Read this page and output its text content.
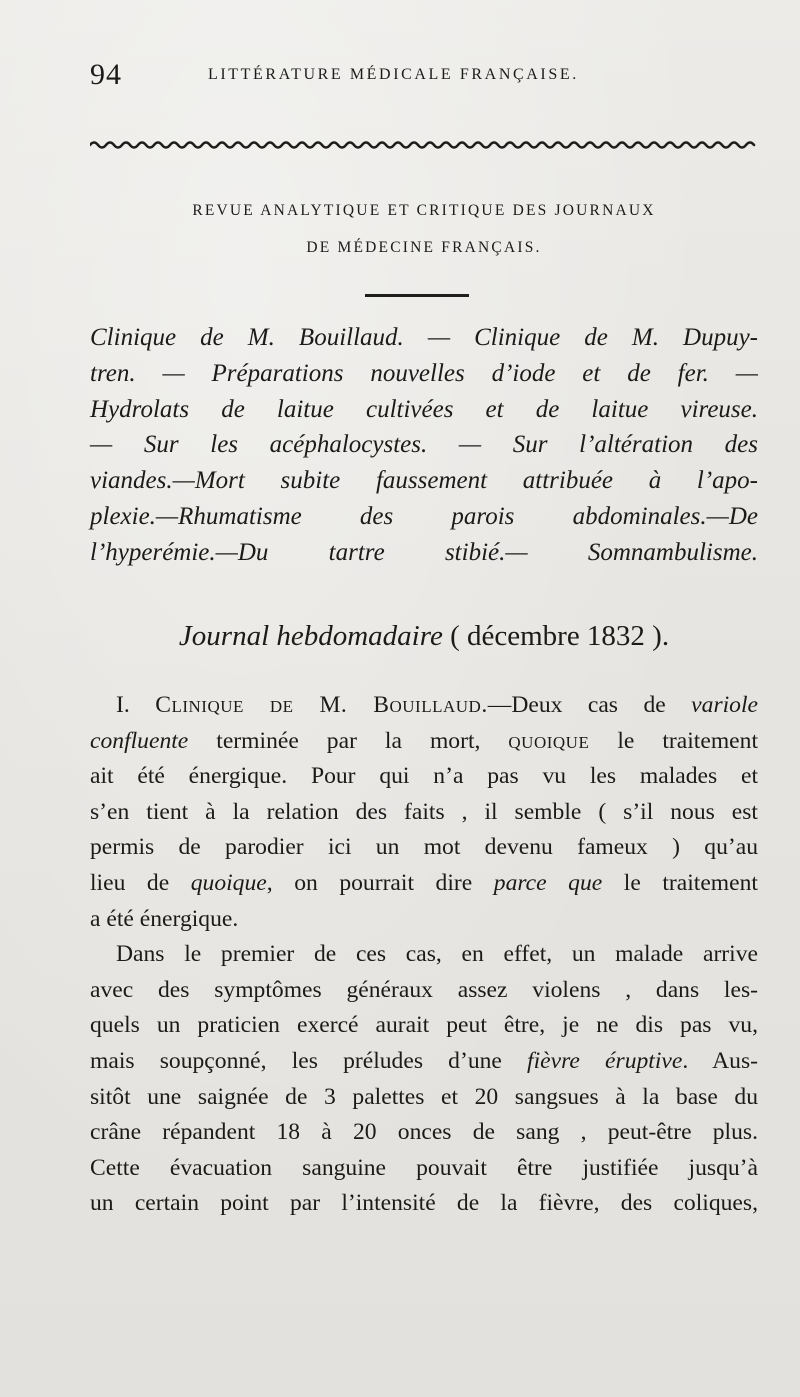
94	LITTÉRATURE MÉDICALE FRANÇAISE.
REVUE ANALYTIQUE ET CRITIQUE DES JOURNAUX
DE MÉDECINE FRANÇAIS.
Clinique de M. Bouillaud. — Clinique de M. Dupuy-
tren. — Préparations nouvelles d’iode et de fer. —
Hydrolats de laitue cultivées et de laitue vireuse.
— Sur les acéphalocystes. — Sur l’altération des
viandes.—Mort subite faussement attribuée à l’apo-
plexie.—Rhumatisme des parois abdominales.—De
l’hyperémie.—Du tartre stibié.— Somnambulisme.
Journal hebdomadaire ( décembre 1832 ).
I. Clinique de M. Bouillaud.—Deux cas de variole
confluente terminée par la mort, quoique le traitement
ait été énergique. Pour qui n’a pas vu les malades et
s’en tient à la relation des faits , il semble ( s’il nous est
permis de parodier ici un mot devenu fameux ) qu’au
lieu de quoique, on pourrait dire parce que le traitement
a été énergique.
Dans le premier de ces cas, en effet, un malade arrive
avec des symptômes généraux assez violens , dans les-
quels un praticien exercé aurait peut être, je ne dis pas vu,
mais soupçonné, les préludes d’une fièvre éruptive. Aus-
sitôt une saignée de 3 palettes et 20 sangsues à la base du
crâne répandent 18 à 20 onces de sang , peut-être plus.
Cette évacuation sanguine pouvait être justifiée jusqu’à
un certain point par l’intensité de la fièvre, des coliques,
